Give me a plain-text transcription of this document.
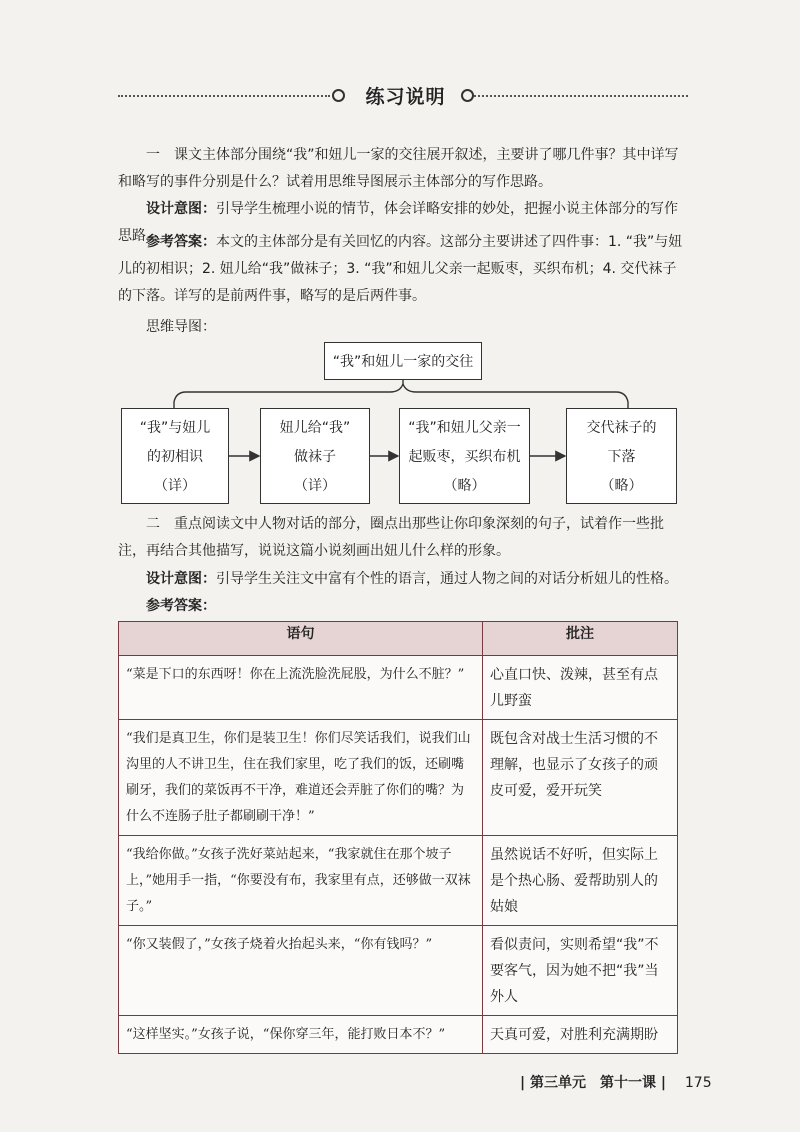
练习说明

一　课文主体部分围绕“我”和妞儿一家的交往展开叙述，主要讲了哪几件事？其中详写和略写的事件分别是什么？试着用思维导图展示主体部分的写作思路。

设计意图：引导学生梳理小说的情节，体会详略安排的妙处，把握小说主体部分的写作思路。

参考答案：本文的主体部分是有关回忆的内容。这部分主要讲述了四件事：1. “我”与妞儿的初相识；2. 妞儿给“我”做袜子；3. “我”和妞儿父亲一起贩枣，买织布机；4. 交代袜子的下落。详写的是前两件事，略写的是后两件事。

思维导图：

“我”和妞儿一家的交往
“我”与妞儿
的初相识
（详）
妞儿给“我”
做袜子
（详）
“我”和妞儿父亲一
起贩枣，买织布机
（略）
交代袜子的
下落
（略）

二　重点阅读文中人物对话的部分，圈点出那些让你印象深刻的句子，试着作一些批注，再结合其他描写，说说这篇小说刻画出妞儿什么样的形象。

设计意图：引导学生关注文中富有个性的语言，通过人物之间的对话分析妞儿的性格。

参考答案：

语句	批注
“菜是下口的东西呀！你在上流洗脸洗屁股，为什么不脏？”	心直口快、泼辣，甚至有点儿野蛮
“我们是真卫生，你们是装卫生！你们尽笑话我们，说我们山沟里的人不讲卫生，住在我们家里，吃了我们的饭，还刷嘴刷牙，我们的菜饭再不干净，难道还会弄脏了你们的嘴？为什么不连肠子肚子都刷刷干净！”	既包含对战士生活习惯的不理解，也显示了女孩子的顽皮可爱，爱开玩笑
“我给你做。”女孩子洗好菜站起来，“我家就住在那个坡子上，”她用手一指，“你要没有布，我家里有点，还够做一双袜子。”	虽然说话不好听，但实际上是个热心肠、爱帮助别人的姑娘
“你又装假了，”女孩子烧着火抬起头来，“你有钱吗？”	看似责问，实则希望“我”不要客气，因为她不把“我”当外人
“这样坚实。”女孩子说，“保你穿三年，能打败日本不？”	天真可爱，对胜利充满期盼
| 第三单元　第十一课 | 175
